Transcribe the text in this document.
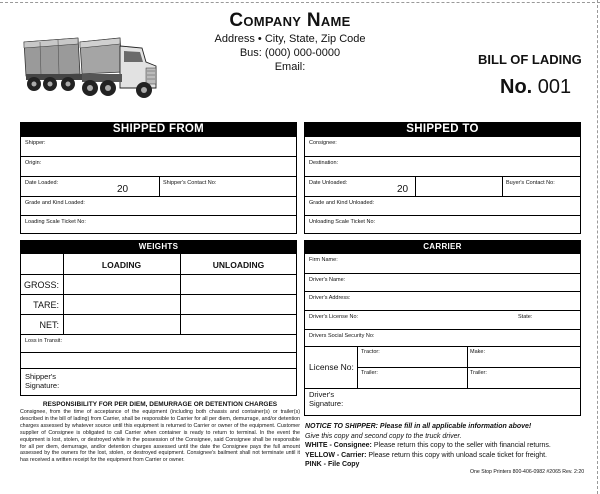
Company Name
Address • City, State, Zip Code
Bus: (000) 000-0000
Email:	BILL OF LADING
No. 001
SHIPPED FROM
Shipper:
Origin:
Date Loaded:
20
Shipper's Contact No:
Grade and Kind Loaded:
Loading Scale Ticket No:
SHIPPED TO
Consignee:
Destination:
Date Unloaded:
20
Buyer's Contact No:
Grade and Kind Unloaded:
Unloading Scale Ticket No:
WEIGHTS
LOADING	UNLOADING
GROSS:
TARE:
NET:
Loss in Transit:
Shipper's Signature:
CARRIER
Firm Name:
Driver's Name:
Driver's Address:
Driver's License No:	State:
Drivers Social Security No:
License No:
Tractor:	Make:
Trailer:	Trailer:
Driver's Signature:
RESPONSIBILITY FOR PER DIEM, DEMURRAGE OR DETENTION CHARGES
Consignee, from the time of acceptance of the equipment (including both chassis and container(s) or trailer(s) described in the bill of lading) from Carrier, shall be responsible to Carrier for all per diem, demurrage, and/or detention charges assessed by whatever source until this equipment is returned to Carrier or owner of the equipment. Customer supplier of Consignee is obligated to call Carrier when container is ready to return to terminal. In the event the equipment is lost, stolen, or destroyed while in the possession of the Consignee, said Consignee shall be responsible for all per diem, demurrage, and/or detention charges assessed until the date the Consignee pays the full amount assessed by the owners for the lost, stolen, or destroyed equipment. Consignee's bailment shall not terminate until it has received a written receipt for the equipment from Carrier or owner.
NOTICE TO SHIPPER: Please fill in all applicable information above!
Give this copy and second copy to the truck driver.
WHITE - Consignee: Please return this copy to the seller with financial returns.
YELLOW - Carrier: Please return this copy with unload scale ticket for freight.
PINK - File Copy
One Stop Printers 800-406-0982 #2065 Rev. 2:20
